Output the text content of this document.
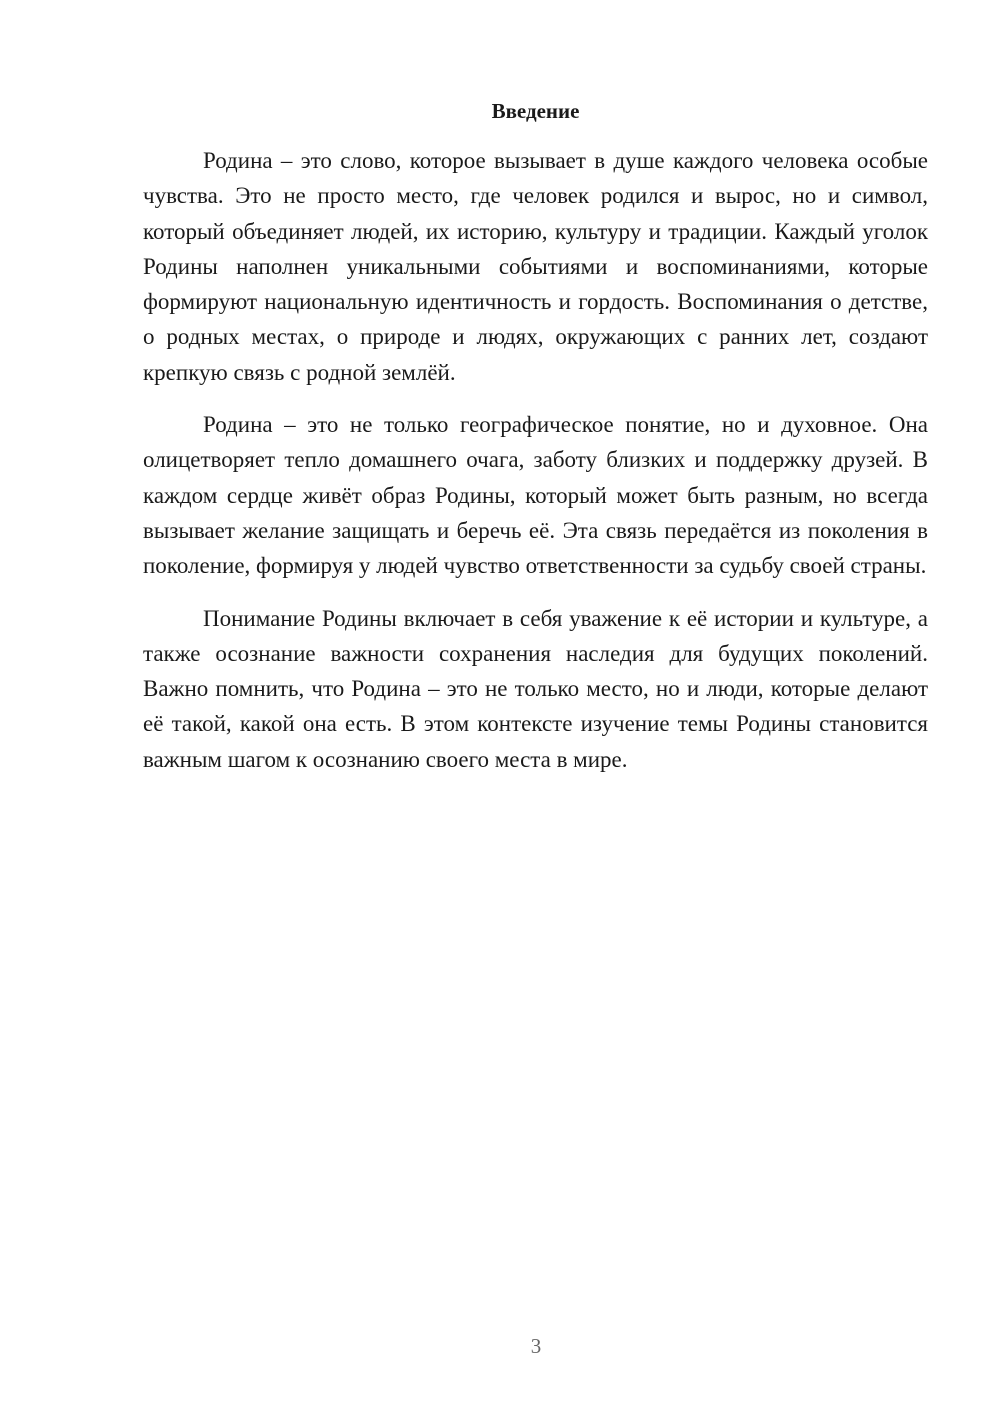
Введение

Родина – это слово, которое вызывает в душе каждого человека особые чувства. Это не просто место, где человек родился и вырос, но и символ, который объединяет людей, их историю, культуру и традиции. Каждый уголок Родины наполнен уникальными событиями и воспоминаниями, которые формируют национальную идентичность и гордость. Воспоминания о детстве, о родных местах, о природе и людях, окружающих с ранних лет, создают крепкую связь с родной землёй.

Родина – это не только географическое понятие, но и духовное. Она олицетворяет тепло домашнего очага, заботу близких и поддержку друзей. В каждом сердце живёт образ Родины, который может быть разным, но всегда вызывает желание защищать и беречь её. Эта связь передаётся из поколения в поколение, формируя у людей чувство ответственности за судьбу своей страны.

Понимание Родины включает в себя уважение к её истории и культуре, а также осознание важности сохранения наследия для будущих поколений. Важно помнить, что Родина – это не только место, но и люди, которые делают её такой, какой она есть. В этом контексте изучение темы Родины становится важным шагом к осознанию своего места в мире.

3
